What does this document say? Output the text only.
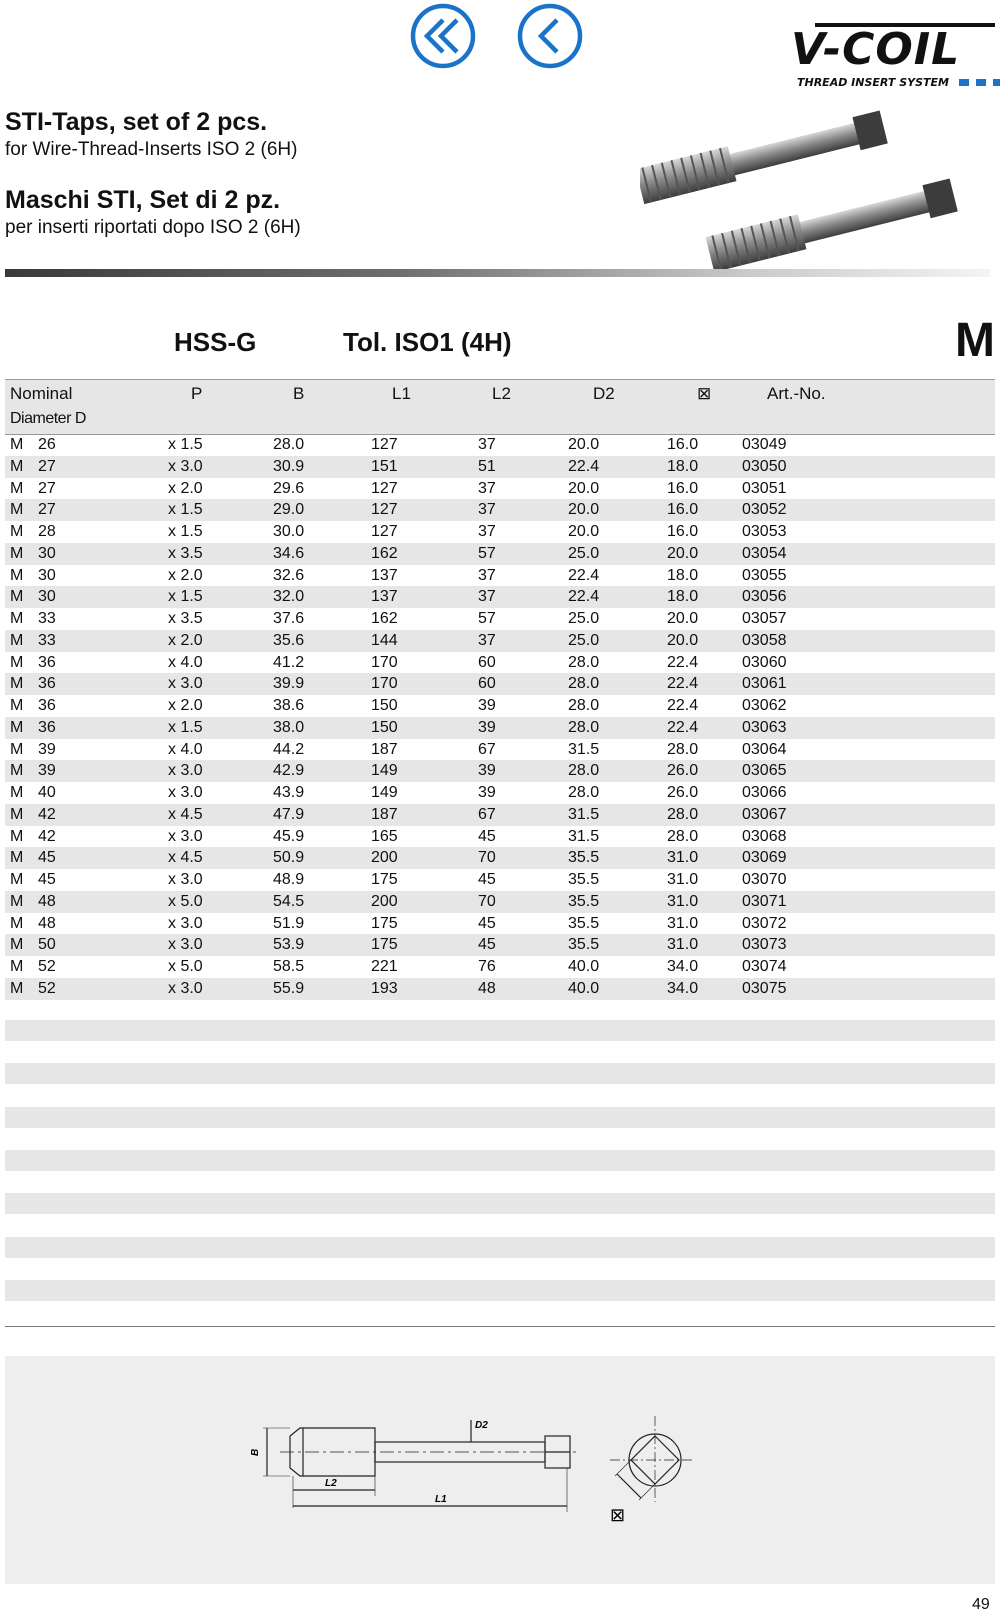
V-COIL
THREAD INSERT SYSTEM
STI-Taps, set of 2 pcs.
for Wire-Thread-Inserts ISO 2 (6H)
Maschi STI, Set di 2 pz.
per inserti riportati dopo ISO 2 (6H)
HSS-G	Tol. ISO1 (4H)	M
Nominal	P	B	L1	L2	D2	⊠	Art.-No.
Diameter D
M 26	x 1.5	28.0	127	37	20.0	16.0	03049
M 27	x 3.0	30.9	151	51	22.4	18.0	03050
M 27	x 2.0	29.6	127	37	20.0	16.0	03051
M 27	x 1.5	29.0	127	37	20.0	16.0	03052
M 28	x 1.5	30.0	127	37	20.0	16.0	03053
M 30	x 3.5	34.6	162	57	25.0	20.0	03054
M 30	x 2.0	32.6	137	37	22.4	18.0	03055
M 30	x 1.5	32.0	137	37	22.4	18.0	03056
M 33	x 3.5	37.6	162	57	25.0	20.0	03057
M 33	x 2.0	35.6	144	37	25.0	20.0	03058
M 36	x 4.0	41.2	170	60	28.0	22.4	03060
M 36	x 3.0	39.9	170	60	28.0	22.4	03061
M 36	x 2.0	38.6	150	39	28.0	22.4	03062
M 36	x 1.5	38.0	150	39	28.0	22.4	03063
M 39	x 4.0	44.2	187	67	31.5	28.0	03064
M 39	x 3.0	42.9	149	39	28.0	26.0	03065
M 40	x 3.0	43.9	149	39	28.0	26.0	03066
M 42	x 4.5	47.9	187	67	31.5	28.0	03067
M 42	x 3.0	45.9	165	45	31.5	28.0	03068
M 45	x 4.5	50.9	200	70	35.5	31.0	03069
M 45	x 3.0	48.9	175	45	35.5	31.0	03070
M 48	x 5.0	54.5	200	70	35.5	31.0	03071
M 48	x 3.0	51.9	175	45	35.5	31.0	03072
M 50	x 3.0	53.9	175	45	35.5	31.0	03073
M 52	x 5.0	58.5	221	76	40.0	34.0	03074
M 52	x 3.0	55.9	193	48	40.0	34.0	03075
B
D2
L2
L1
⊠
49
